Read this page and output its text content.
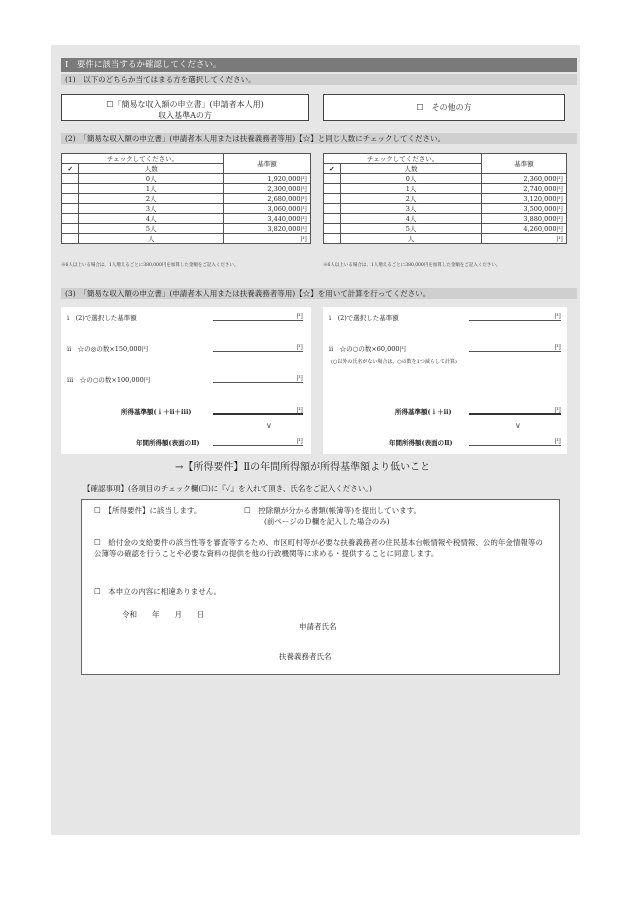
I　要件に該当するか確認してください。
(1)　以下のどちらか当てはまる方を選択してください。
☐「簡易な収入額の申立書」(申請者本人用)
収入基準Aの方
☐　その他の方
(2)　「簡易な収入額の申立書」(申請者本人用または扶養義務者等用)【☆】と同じ人数にチェックしてください。
チェックしてください。		基準額
✓	人数	
	0人	1,920,000円
	1人	2,300,000円
	2人	2,680,000円
	3人	3,060,000円
	4人	3,440,000円
	5人	3,820,000円
	人	円
※6人以上いる場合は、1人増えるごとに380,000円を加算した金額をご記入ください。
チェックしてください。		基準額
✓	人数	
	0人	2,360,000円
	1人	2,740,000円
	2人	3,120,000円
	3人	3,500,000円
	4人	3,880,000円
	5人	4,260,000円
	人	円
※6人以上いる場合は、1人増えるごとに380,000円を加算した金額をご記入ください。
(3)　「簡易な収入額の申立書」(申請者本人用または扶養義務者等用)【☆】を用いて計算を行ってください。
i　(2)で選択した基準額	円
ii　☆の◎の数×150,000円	円
iii　☆の○の数×100,000円	円
所得基準額(ｉ＋ii＋iii)	円
∨
年間所得額(表面のⅡ)	円
i　(2)で選択した基準額	円
ii　☆の○の数×60,000円	円
(○以外の氏名がない場合は、○の数を1つ減らして計算)
所得基準額(ｉ＋ii)	円
∨
年間所得額(表面のⅡ)	円
→【所得要件】Ⅱの年間所得額が所得基準額より低いこと
【確認事項】(各項目のチェック欄(☐)に『✓』を入れて頂き、氏名をご記入ください。)
☐　【所得要件】に該当します。	☐　控除額が分かる書類(帳簿等)を提出しています。
(前ページのＤ欄を記入した場合のみ)
☐　給付金の支給要件の該当性等を審査等するため、市区町村等が必要な扶養義務者の住民基本台帳情報や税情報、公的年金情報等の公簿等の確認を行うことや必要な資料の提供を他の行政機関等に求める・提供することに同意します。
☐　本申立の内容に相違ありません。
令和　　年　　月　　日
申請者氏名
扶養義務者氏名
